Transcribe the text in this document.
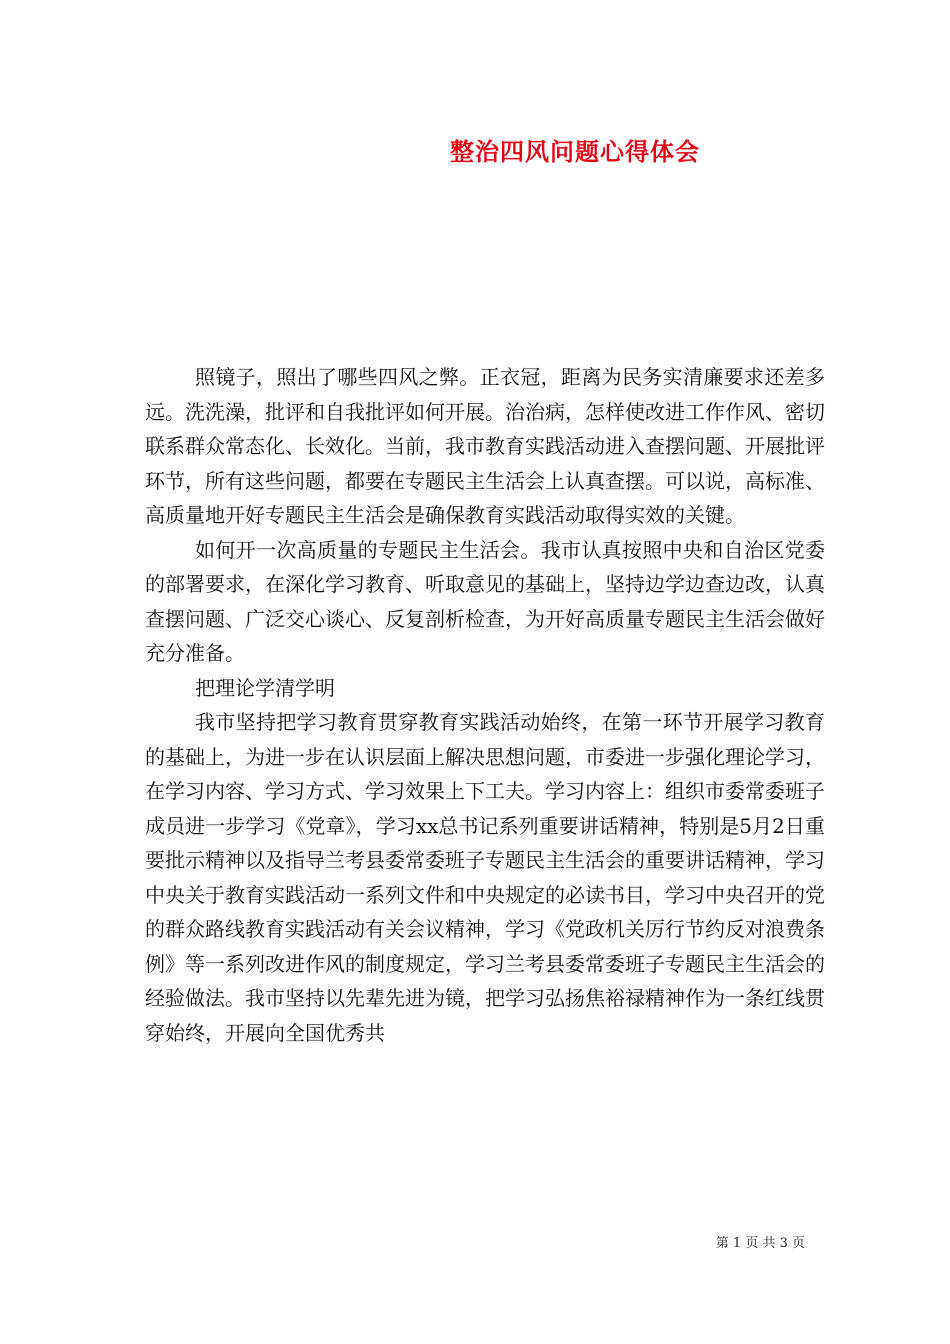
整治四风问题心得体会

照镜子，照出了哪些四风之弊。正衣冠，距离为民务实清廉要求还差多远。洗洗澡，批评和自我批评如何开展。治治病，怎样使改进工作作风、密切联系群众常态化、长效化。当前，我市教育实践活动进入查摆问题、开展批评环节，所有这些问题，都要在专题民主生活会上认真查摆。可以说，高标准、高质量地开好专题民主生活会是确保教育实践活动取得实效的关键。

如何开一次高质量的专题民主生活会。我市认真按照中央和自治区党委的部署要求，在深化学习教育、听取意见的基础上，坚持边学边查边改，认真查摆问题、广泛交心谈心、反复剖析检查，为开好高质量专题民主生活会做好充分准备。

把理论学清学明

我市坚持把学习教育贯穿教育实践活动始终，在第一环节开展学习教育的基础上，为进一步在认识层面上解决思想问题，市委进一步强化理论学习，在学习内容、学习方式、学习效果上下工夫。学习内容上：组织市委常委班子成员进一步学习《党章》，学习xx总书记系列重要讲话精神，特别是5月2日重要批示精神以及指导兰考县委常委班子专题民主生活会的重要讲话精神，学习中央关于教育实践活动一系列文件和中央规定的必读书目，学习中央召开的党的群众路线教育实践活动有关会议精神，学习《党政机关厉行节约反对浪费条例》等一系列改进作风的制度规定，学习兰考县委常委班子专题民主生活会的经验做法。我市坚持以先辈先进为镜，把学习弘扬焦裕禄精神作为一条红线贯穿始终，开展向全国优秀共

第 1 页 共 3 页
